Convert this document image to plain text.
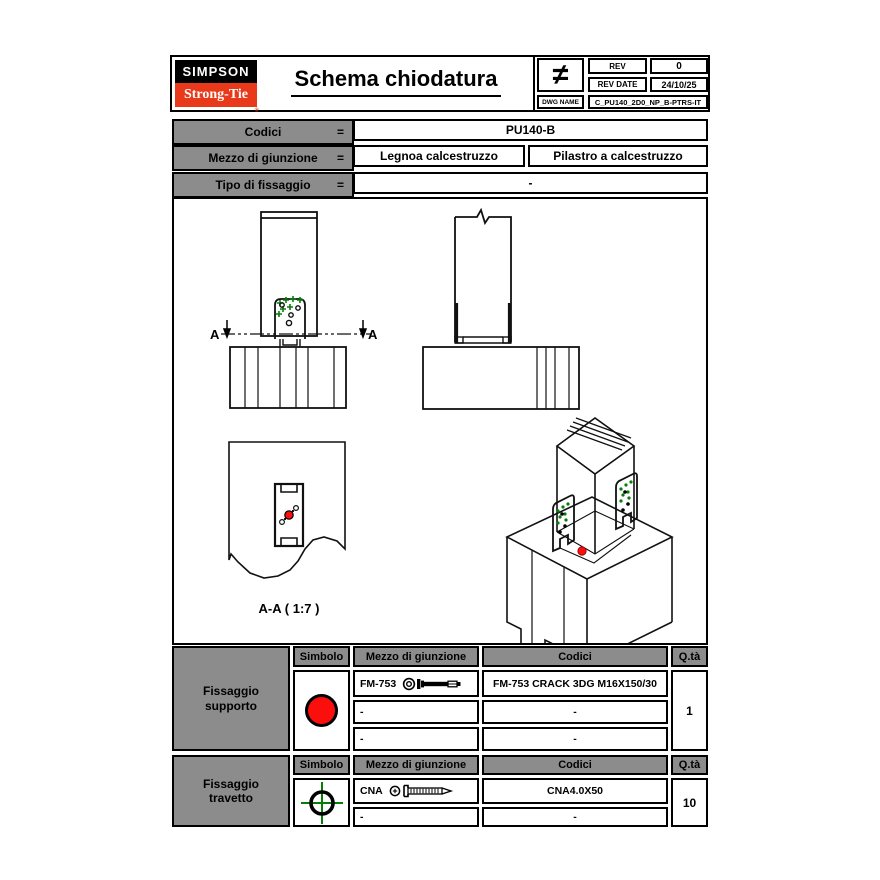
SIMPSON
Strong-Tie
®
Schema chiodatura	≠	REV	0
REV DATE	24/10/25
DWG NAME	C_PU140_2D0_NP_B-PTRS-IT
Codici	=	PU140-B
Mezzo di giunzione =	Legnoa calcestruzzo	Pilastro a calcestruzzo
Tipo di fissaggio =	-
A	A
A-A ( 1:7 )
Fissaggio supporto
Simbolo	Mezzo di giunzione	Codici	Q.tà
FM-753	FM-753 CRACK 3DG M16X150/30
-	-
-	-
1
Fissaggio travetto
Simbolo	Mezzo di giunzione	Codici	Q.tà
CNA	CNA4.0X50
-	-
10
